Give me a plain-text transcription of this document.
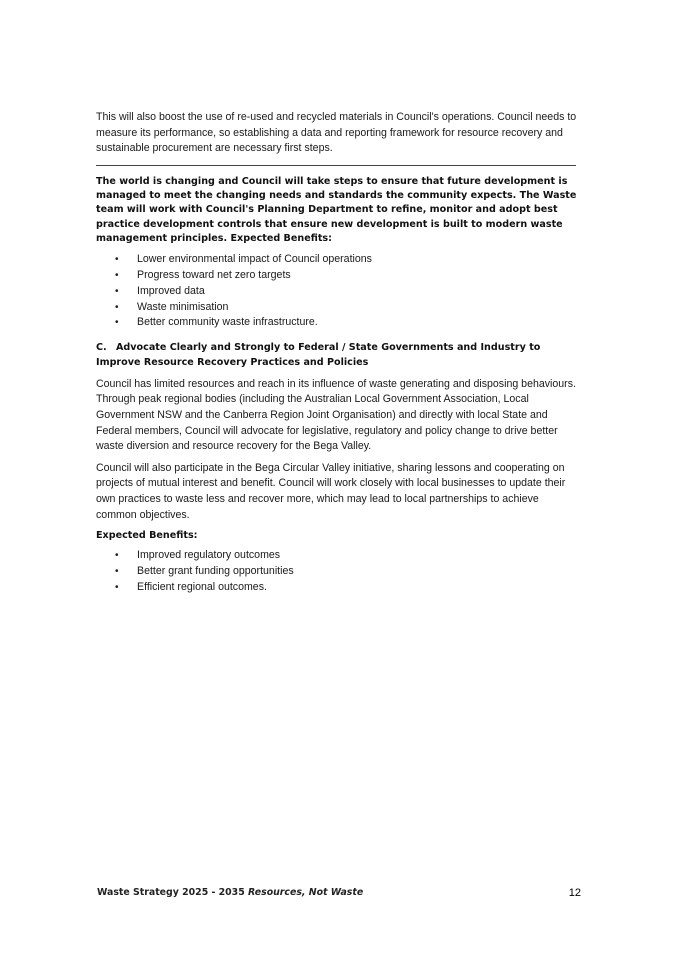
This will also boost the use of re-used and recycled materials in Council's operations. Council needs to measure its performance, so establishing a data and reporting framework for resource recovery and sustainable procurement are necessary first steps.

The world is changing and Council will take steps to ensure that future development is managed to meet the changing needs and standards the community expects. The Waste team will work with Council's Planning Department to refine, monitor and adopt best practice development controls that ensure new development is built to modern waste management principles. Expected Benefits:

• Lower environmental impact of Council operations
• Progress toward net zero targets
• Improved data
• Waste minimisation
• Better community waste infrastructure.
C. Advocate Clearly and Strongly to Federal / State Governments and Industry to Improve Resource Recovery Practices and Policies

Council has limited resources and reach in its influence of waste generating and disposing behaviours. Through peak regional bodies (including the Australian Local Government Association, Local Government NSW and the Canberra Region Joint Organisation) and directly with local State and Federal members, Council will advocate for legislative, regulatory and policy change to drive better waste diversion and resource recovery for the Bega Valley.

Council will also participate in the Bega Circular Valley initiative, sharing lessons and cooperating on projects of mutual interest and benefit. Council will work closely with local businesses to update their own practices to waste less and recover more, which may lead to local partnerships to achieve common objectives.

Expected Benefits:
• Improved regulatory outcomes
• Better grant funding opportunities
• Efficient regional outcomes.
Waste Strategy 2025 - 2035 Resources, Not Waste	12
